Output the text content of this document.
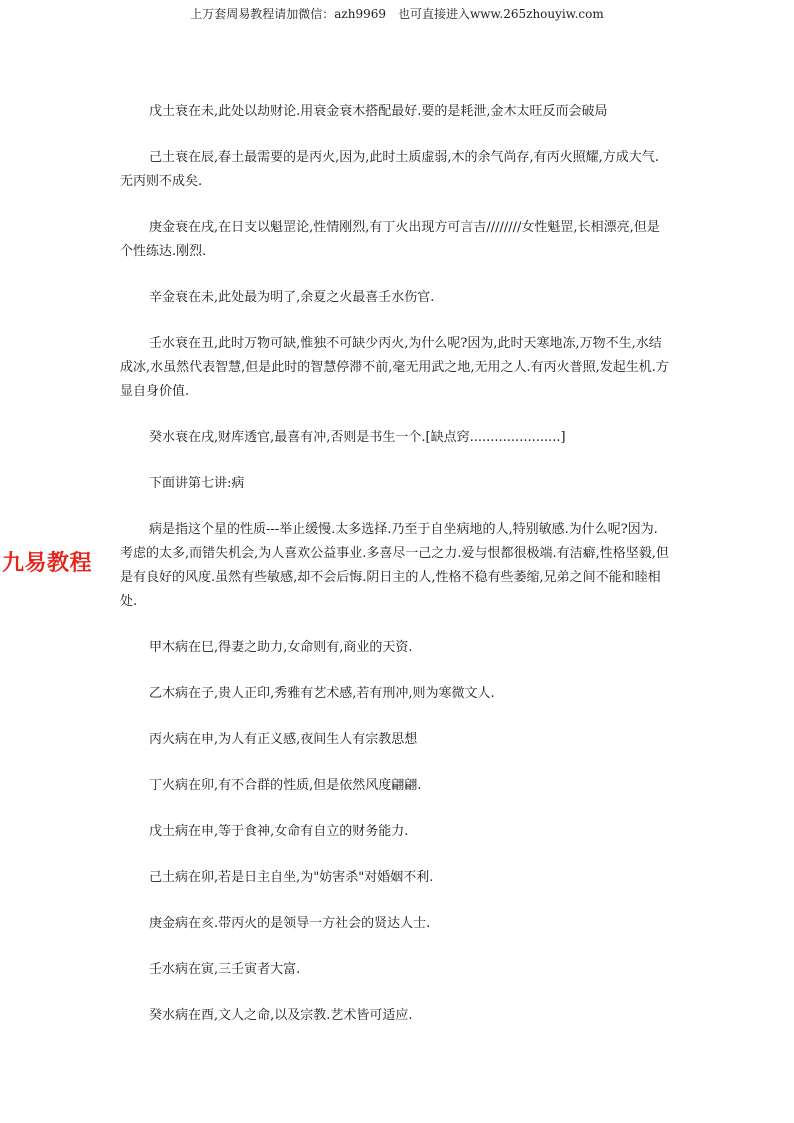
上万套周易教程请加微信：azh9969　也可直接进入www.265zhouyiw.com
九易教程

戊土衰在未,此处以劫财论.用衰金衰木搭配最好.要的是耗泄,金木太旺反而会破局

己土衰在辰,春土最需要的是丙火,因为,此时土质虚弱,木的余气尚存,有丙火照耀,方成大气.无丙则不成矣.

庚金衰在戌,在日支以魁罡论,性情刚烈,有丁火出现方可言吉////////女性魁罡,长相漂亮,但是个性练达.刚烈.

辛金衰在未,此处最为明了,余夏之火最喜壬水伤官.

壬水衰在丑,此时万物可缺,惟独不可缺少丙火,为什么呢?因为,此时天寒地冻,万物不生,水结成冰,水虽然代表智慧,但是此时的智慧停滞不前,毫无用武之地,无用之人.有丙火普照,发起生机.方显自身价值.

癸水衰在戌,财库透官,最喜有冲,否则是书生一个.[缺点窍......................]

下面讲第七讲:病

病是指这个星的性质---举止缓慢.太多选择.乃至于自坐病地的人,特别敏感.为什么呢?因为.考虑的太多,而错失机会,为人喜欢公益事业.多喜尽一己之力.爱与恨都很极端.有洁癖,性格坚毅,但是有良好的风度.虽然有些敏感,却不会后悔.阴日主的人,性格不稳有些萎缩,兄弟之间不能和睦相处.

甲木病在巳,得妻之助力,女命则有,商业的天资.

乙木病在子,贵人正印,秀雅有艺术感,若有刑冲,则为寒微文人.

丙火病在申,为人有正义感,夜间生人有宗教思想

丁火病在卯,有不合群的性质,但是依然风度翩翩.

戊土病在申,等于食神,女命有自立的财务能力.

己土病在卯,若是日主自坐,为"妨害杀"对婚姻不利.

庚金病在亥.带丙火的是领导一方社会的贤达人士.

壬水病在寅,三壬寅者大富.

癸水病在酉,文人之命,以及宗教.艺术皆可适应.
